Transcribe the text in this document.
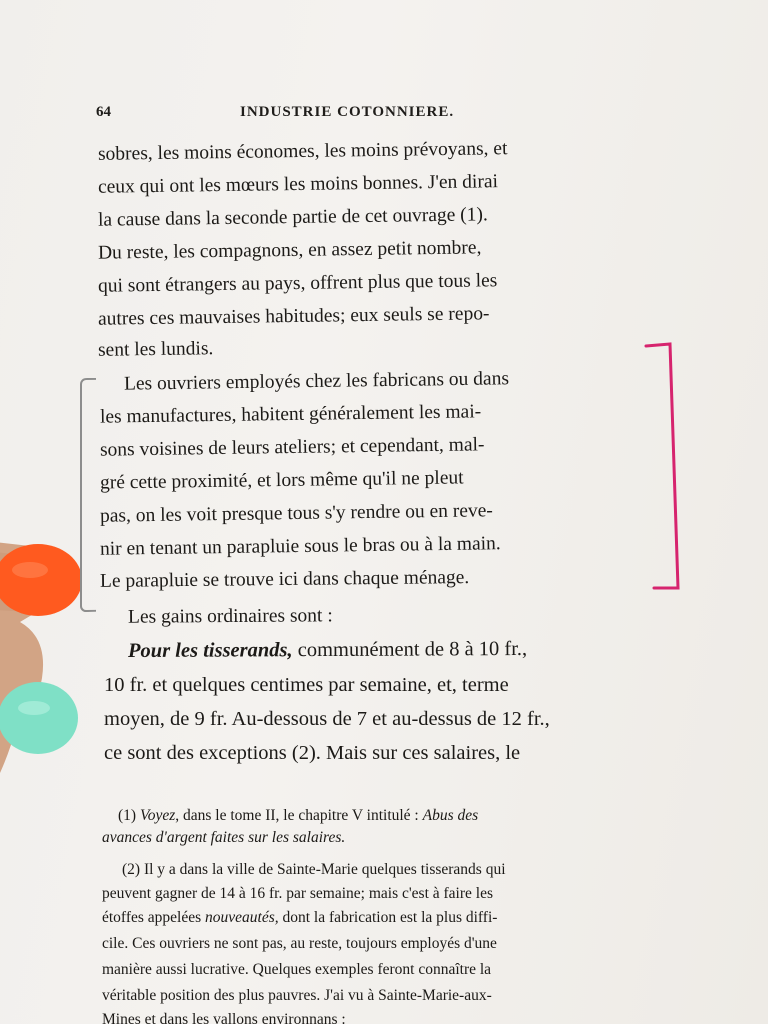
64	INDUSTRIE COTONNIERE.
sobres, les moins économes, les moins prévoyans, et
ceux qui ont les mœurs les moins bonnes. J'en dirai
la cause dans la seconde partie de cet ouvrage (1).
Du reste, les compagnons, en assez petit nombre,
qui sont étrangers au pays, offrent plus que tous les
autres ces mauvaises habitudes; eux seuls se repo-
sent les lundis.
Les ouvriers employés chez les fabricans ou dans
les manufactures, habitent généralement les mai-
sons voisines de leurs ateliers; et cependant, mal-
gré cette proximité, et lors même qu'il ne pleut
pas, on les voit presque tous s'y rendre ou en reve-
nir en tenant un parapluie sous le bras ou à la main.
Le parapluie se trouve ici dans chaque ménage.
Les gains ordinaires sont :
Pour les tisserands, communément de 8 à 10 fr.,
10 fr. et quelques centimes par semaine, et, terme
moyen, de 9 fr. Au-dessous de 7 et au-dessus de 12 fr.,
ce sont des exceptions (2). Mais sur ces salaires, le
(1) Voyez, dans le tome II, le chapitre V intitulé : Abus des
avances d'argent faites sur les salaires.
(2) Il y a dans la ville de Sainte-Marie quelques tisserands qui
peuvent gagner de 14 à 16 fr. par semaine; mais c'est à faire les
étoffes appelées nouveautés, dont la fabrication est la plus diffi-
cile. Ces ouvriers ne sont pas, au reste, toujours employés d'une
manière aussi lucrative. Quelques exemples feront connaître la
véritable position des plus pauvres. J'ai vu à Sainte-Marie-aux-
Mines et dans les vallons environnans :
